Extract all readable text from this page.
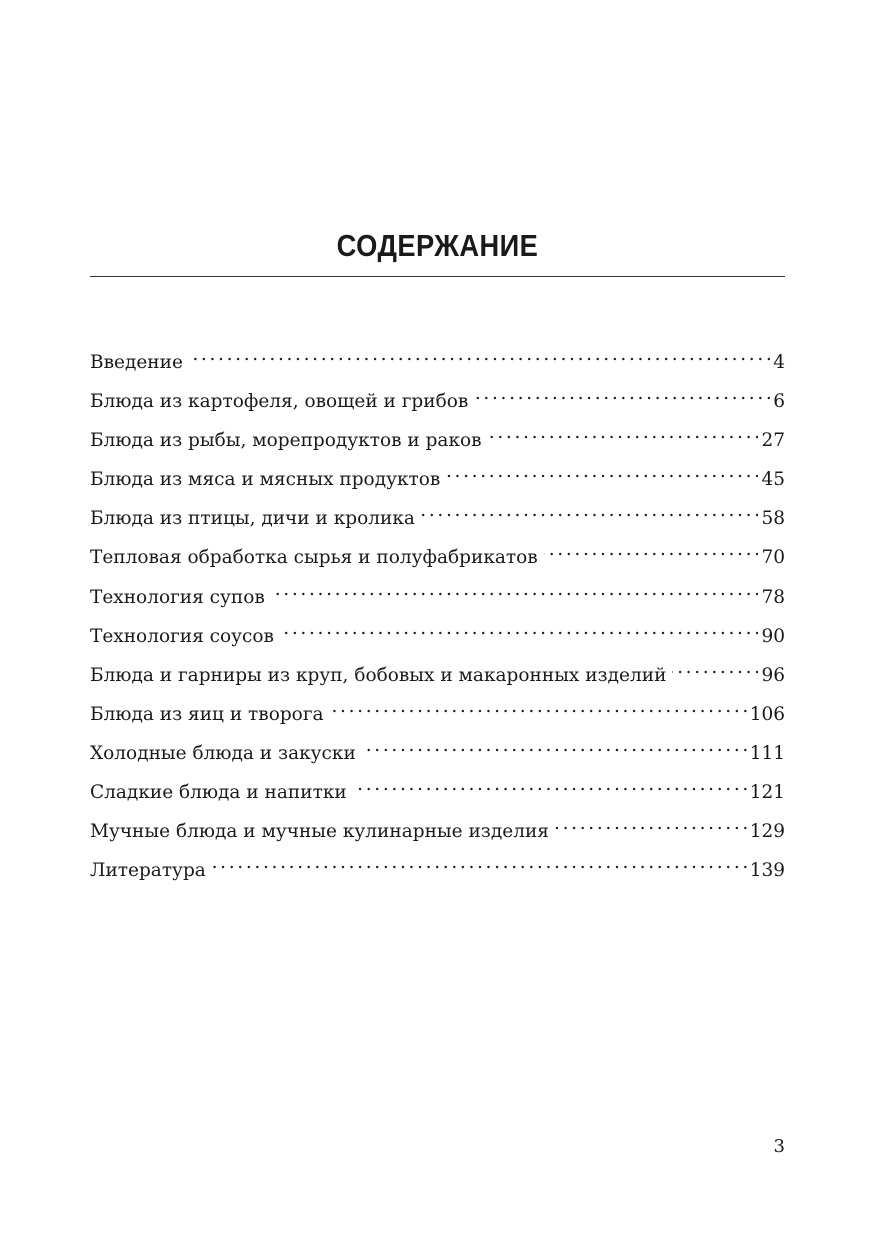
СОДЕРЖАНИЕ
Введение . . .	4
Блюда из картофеля, овощей и грибов . . .	6
Блюда из рыбы, морепродуктов и раков . . .	27
Блюда из мяса и мясных продуктов . . .	45
Блюда из птицы, дичи и кролика . . .	58
Тепловая обработка сырья и полуфабрикатов . . .	70
Технология супов . . .	78
Технология соусов . . .	90
Блюда и гарниры из круп, бобовых и макаронных изделий . . .	96
Блюда из яиц и творога . . .	106
Холодные блюда и закуски . . .	111
Сладкие блюда и напитки . . .	121
Мучные блюда и мучные кулинарные изделия . . .	129
Литература . . .	139
3
